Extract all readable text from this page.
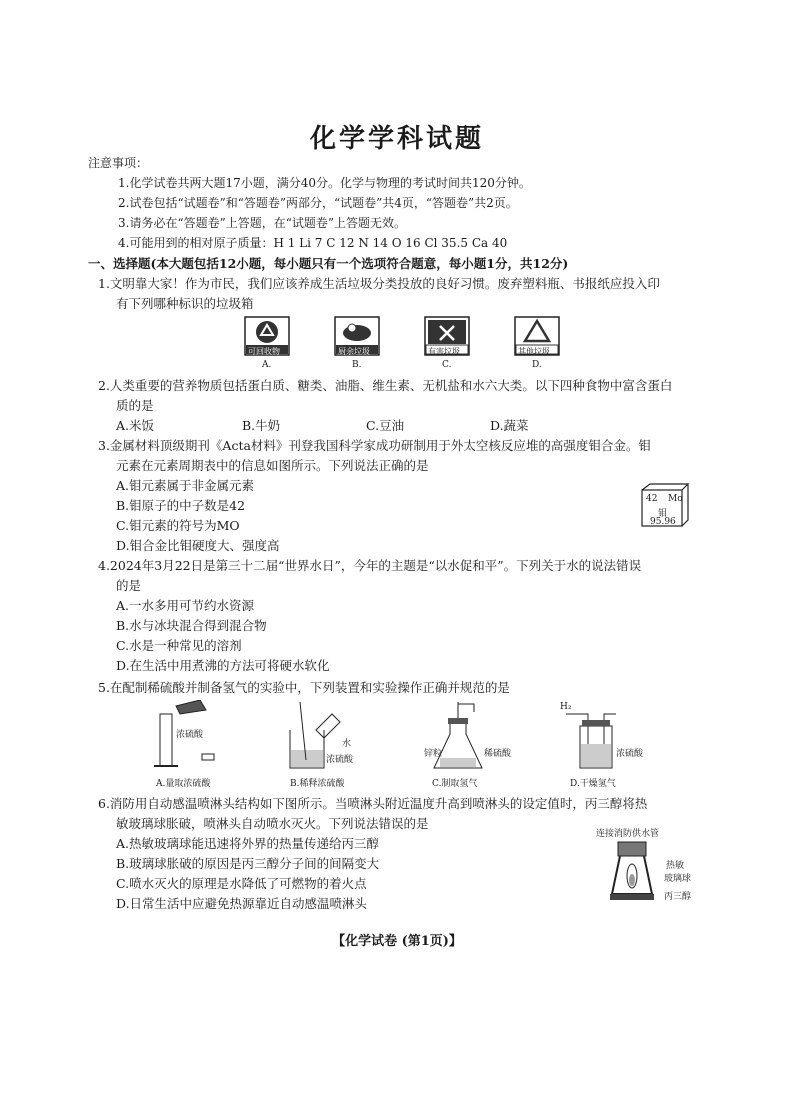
化学学科试题
注意事项：
1.化学试卷共两大题17小题，满分40分。化学与物理的考试时间共120分钟。
2.试卷包括“试题卷”和“答题卷”两部分，“试题卷”共4页，“答题卷”共2页。
3.请务必在“答题卷”上答题，在“试题卷”上答题无效。
4.可能用到的相对原子质量：H 1 Li 7 C 12 N 14 O 16 Cl 35.5 Ca 40
一、选择题(本大题包括12小题，每小题只有一个选项符合题意，每小题1分，共12分)
1.文明靠大家！作为市民，我们应该养成生活垃圾分类投放的良好习惯。废弃塑料瓶、书报纸应投入印
有下列哪种标识的垃圾箱
可回收物
A.
厨余垃圾
B.
有害垃圾
C.
其他垃圾
D.
2.人类重要的营养物质包括蛋白质、糖类、油脂、维生素、无机盐和水六大类。以下四种食物中富含蛋白
质的是
A.米饭	B.牛奶	C.豆油	D.蔬菜
3.金属材料顶级期刊《Acta材料》刊登我国科学家成功研制用于外太空核反应堆的高强度钼合金。钼
元素在元素周期表中的信息如图所示。下列说法正确的是
A.钼元素属于非金属元素
B.钼原子的中子数是42
C.钼元素的符号为MO
D.钼合金比钼硬度大、强度高
42 Mo
钼
95.96
4.2024年3月22日是第三十二届“世界水日”，今年的主题是“以水促和平”。下列关于水的说法错误
的是
A.一水多用可节约水资源
B.水与冰块混合得到混合物
C.水是一种常见的溶剂
D.在生活中用煮沸的方法可将硬水软化
5.在配制稀硫酸并制备氢气的实验中，下列装置和实验操作正确并规范的是
浓硫酸
A.量取浓硫酸
水
浓硫酸
B.稀释浓硫酸
锌粒	稀硫酸
C.制取氢气
H₂
浓硫酸
D.干燥氢气
6.消防用自动感温喷淋头结构如下图所示。当喷淋头附近温度升高到喷淋头的设定值时，丙三醇将热
敏玻璃球胀破，喷淋头自动喷水灭火。下列说法错误的是
A.热敏玻璃球能迅速将外界的热量传递给丙三醇
B.玻璃球胀破的原因是丙三醇分子间的间隔变大
C.喷水灭火的原理是水降低了可燃物的着火点
D.日常生活中应避免热源靠近自动感温喷淋头
连接消防供水管
热敏
玻璃球
丙三醇
【化学试卷 (第1页)】
